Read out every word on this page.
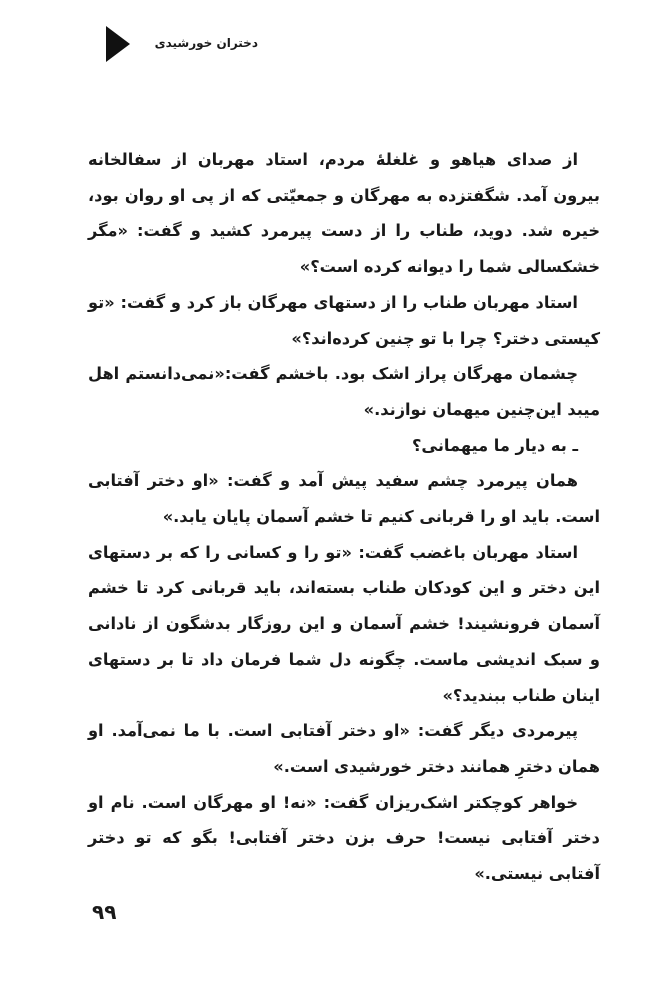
دختران خورشیدی

از صدای هیاهو و غلغلهٔ مردم، استاد مهربان از سفالخانه بیرون آمد. شگفتزده به مهرگان و جمعیّتی که از پی او روان بود، خیره شد. دوید، طناب را از دست پیرمرد کشید و گفت: «مگر خشکسالی شما را دیوانه کرده است؟»

استاد مهربان طناب را از دستهای مهرگان باز کرد و گفت: «تو کیستی دختر؟ چرا با تو چنین کرده‌اند؟»

چشمان مهرگان پراز اشک بود. باخشم گفت:«نمی‌دانستم اهل میبد این‌چنین میهمان نوازند.»

ـ به دیار ما میهمانی؟

همان پیرمرد چشم سفید پیش آمد و گفت: «او دختر آفتابی است. باید او را قربانی کنیم تا خشم آسمان پایان یابد.»

استاد مهربان باغضب گفت: «تو را و کسانی را که بر دستهای این دختر و این کودکان طناب بسته‌اند، باید قربانی کرد تا خشم آسمان فرونشیند! خشم آسمان و این روزگار بدشگون از نادانی و سبک اندیشی ماست. چگونه دل شما فرمان داد تا بر دستهای اینان طناب ببندید؟»

پیرمردی دیگر گفت: «او دختر آفتابی است. با ما نمی‌آمد. او همان دخترِ همانند دختر خورشیدی است.»

خواهر کوچکتر اشک‌ریزان گفت: «نه! او مهرگان است. نام او دختر آفتابی نیست! حرف بزن دختر آفتابی! بگو که تو دختر آفتابی نیستی.»

۹۹
